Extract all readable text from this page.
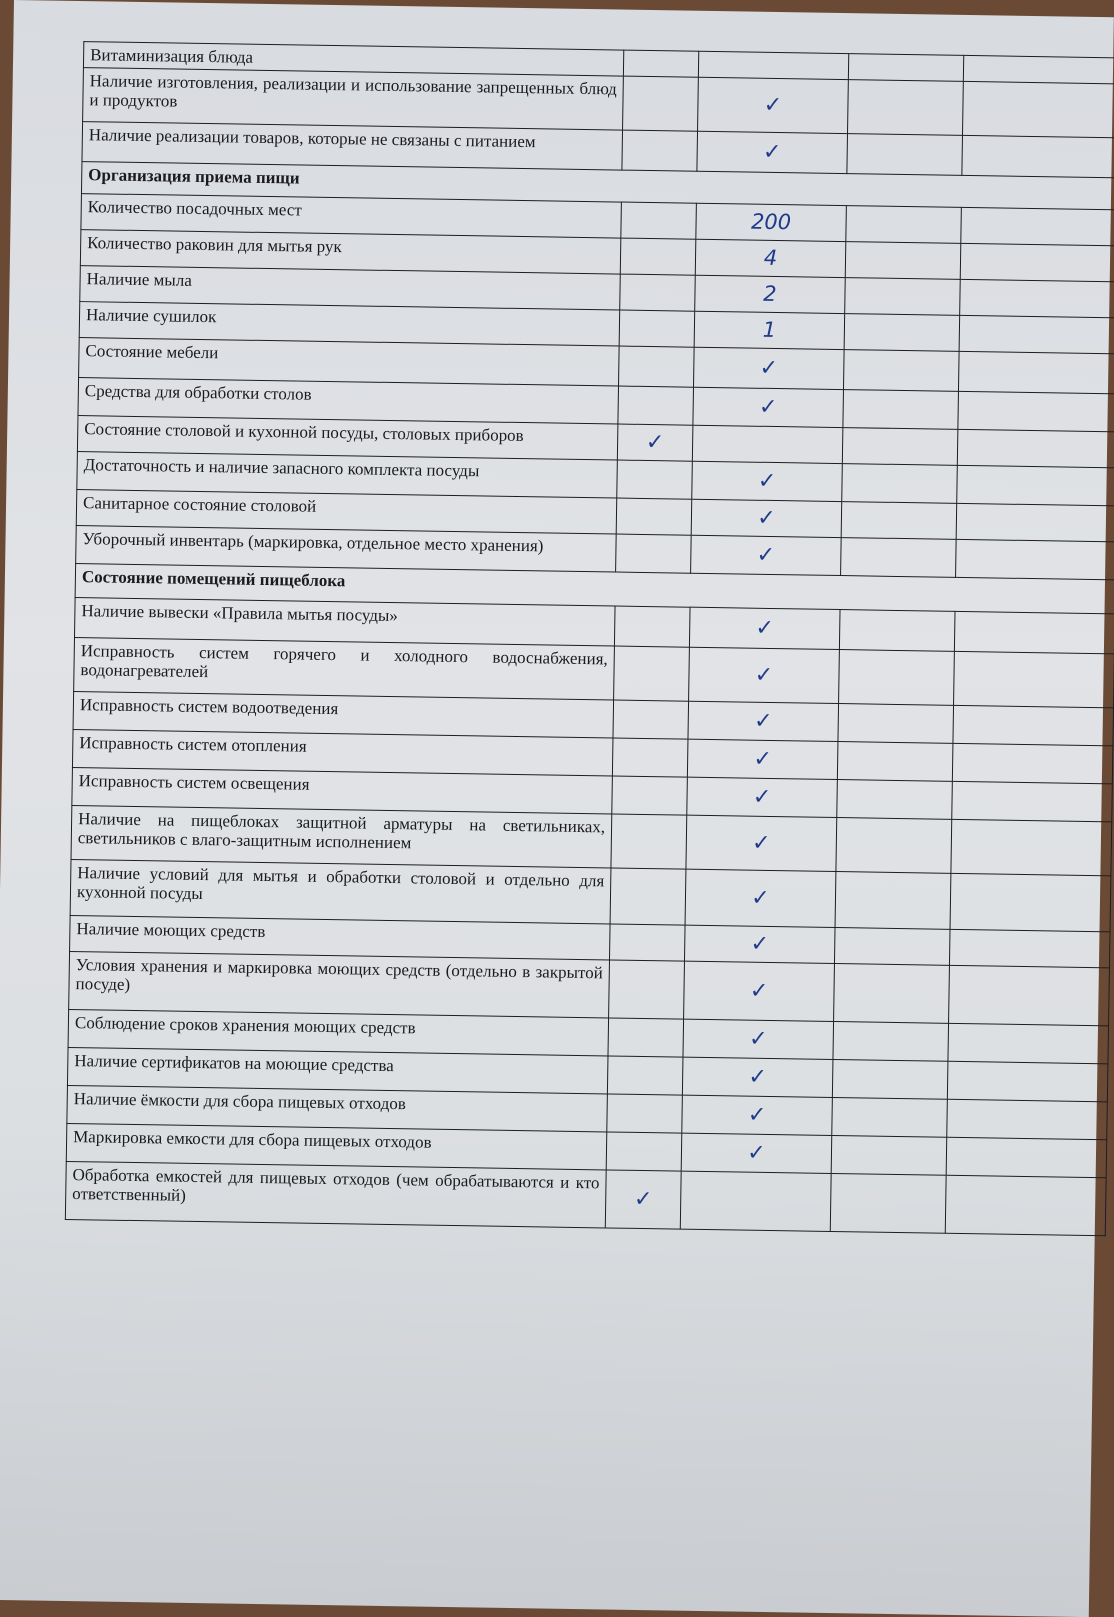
Витаминизация блюда				
Наличие изготовления, реализации и использование запрещенных блюд и продуктов		✓		
Наличие реализации товаров, которые не связаны с питанием		✓		
Организация приема пищи				
Количество посадочных мест		200		
Количество раковин для мытья рук		4		
Наличие мыла		2		
Наличие сушилок		1		
Состояние мебели		✓		
Средства для обработки столов		✓		
Состояние столовой и кухонной посуды, столовых приборов	✓			
Достаточность и наличие запасного комплекта посуды		✓		
Санитарное состояние столовой		✓		
Уборочный инвентарь (маркировка, отдельное место хранения)		✓		
Состояние помещений пищеблока				
Наличие вывески «Правила мытья посуды»		✓		
Исправность систем горячего и холодного водоснабжения, водонагревателей		✓		
Исправность систем водоотведения		✓		
Исправность систем отопления		✓		
Исправность систем освещения		✓		
Наличие на пищеблоках защитной арматуры на светильниках, светильников с влаго-защитным исполнением		✓		
Наличие условий для мытья и обработки столовой и отдельно для кухонной посуды		✓		
Наличие моющих средств		✓		
Условия хранения и маркировка моющих средств (отдельно в закрытой посуде)		✓		
Соблюдение сроков хранения моющих средств		✓		
Наличие сертификатов на моющие средства		✓		
Наличие ёмкости для сбора пищевых отходов		✓		
Маркировка емкости для сбора пищевых отходов		✓		
Обработка емкостей для пищевых отходов (чем обрабатываются и кто ответственный)	✓			
